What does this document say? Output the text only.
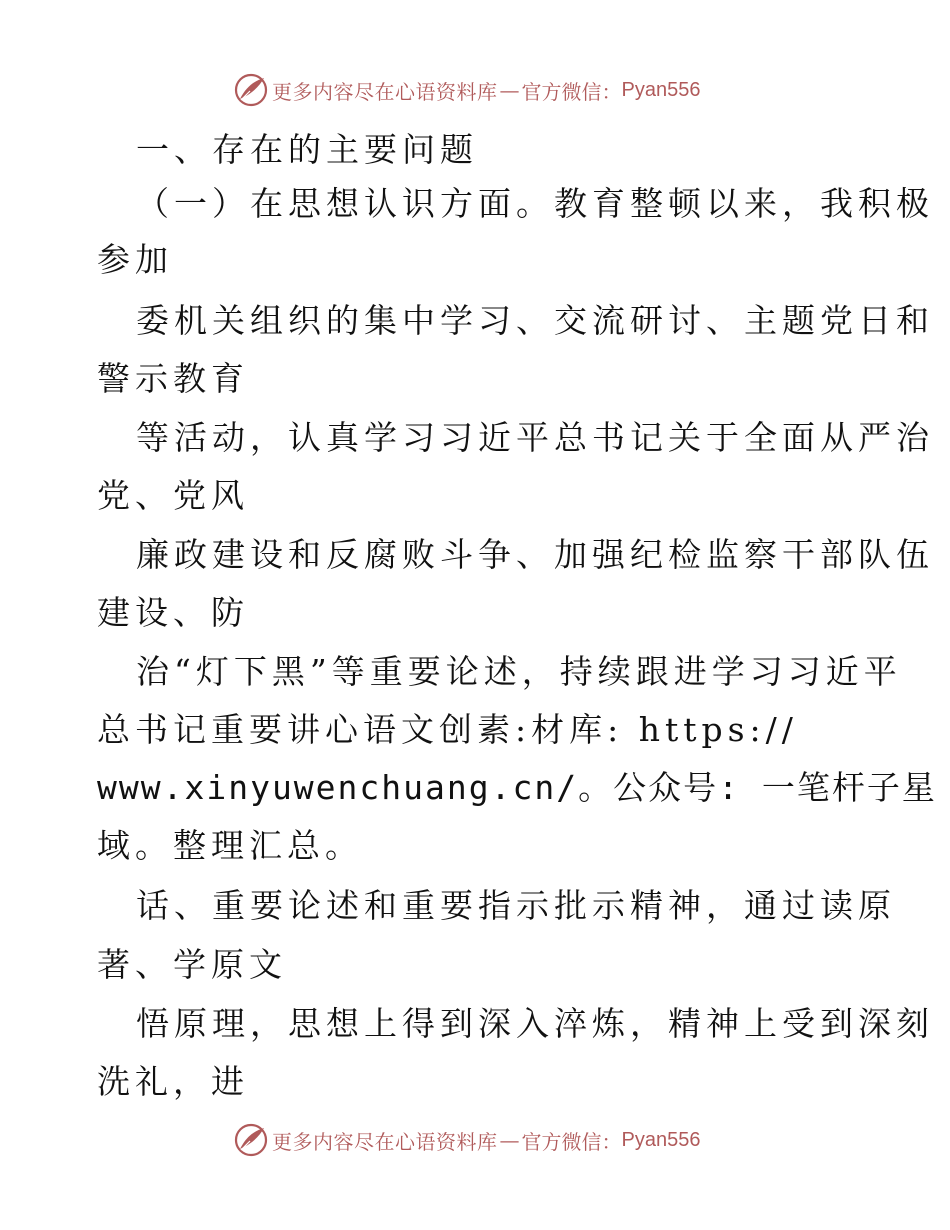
更多内容尽在心语资料库 — 官方微信： Pyan556
一、存在的主要问题
（一）在思想认识方面。教育整顿以来，我积极
参加
委机关组织的集中学习、交流研讨、主题党日和
警示教育
等活动，认真学习习近平总书记关于全面从严治
党、党风
廉政建设和反腐败斗争、加强纪检监察干部队伍
建设、防
治“灯下黑”等重要论述，持续跟进学习习近平
总书记重要讲心语文创素:材库: https://
www.xinyuwenchuang.cn/。公众号: 一笔杆子星
域。整理汇总。
话、重要论述和重要指示批示精神，通过读原
著、学原文
悟原理，思想上得到深入淬炼，精神上受到深刻
洗礼，进
更多内容尽在心语资料库 — 官方微信： Pyan556
